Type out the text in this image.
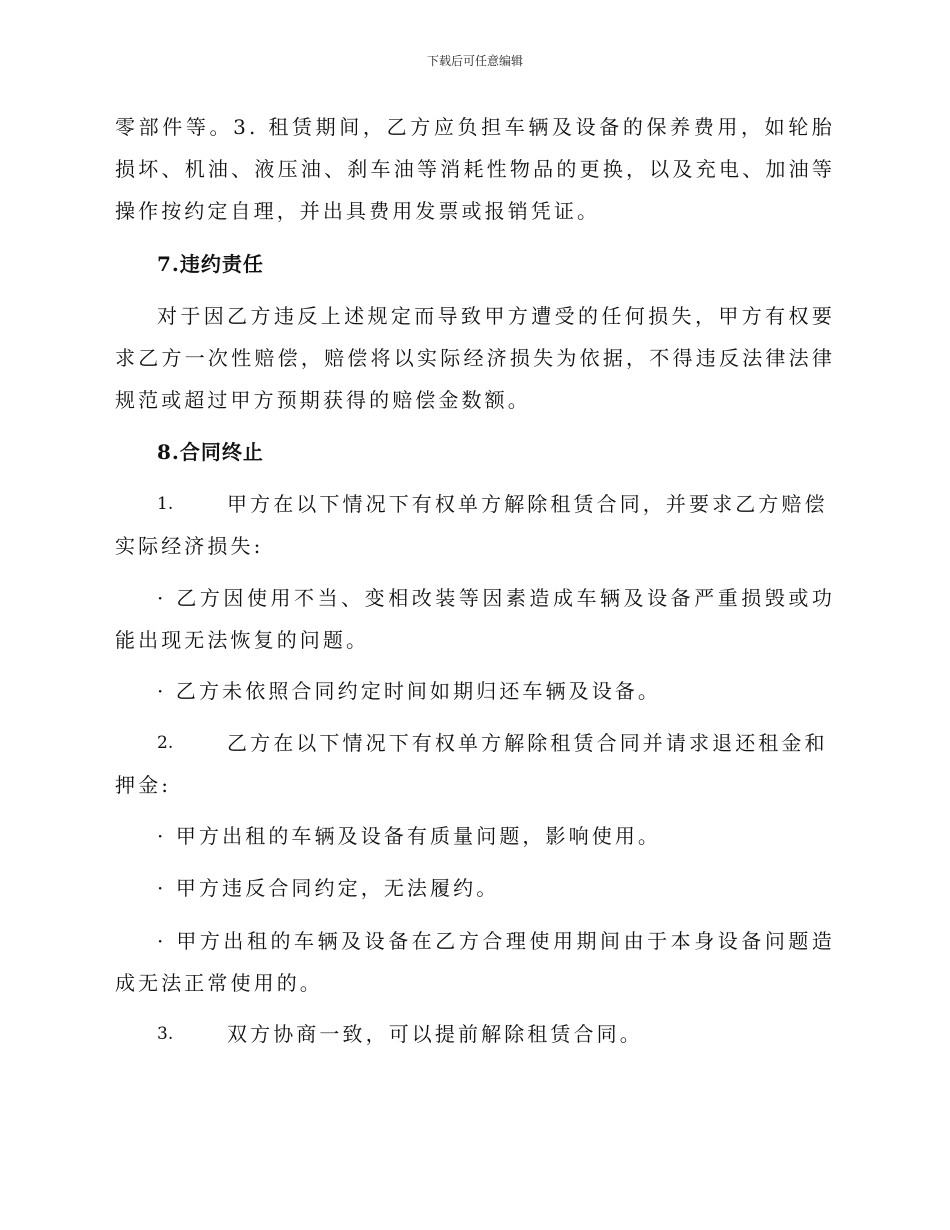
下载后可任意编辑

零部件等。3. 租赁期间，乙方应负担车辆及设备的保养费用，如轮胎损坏、机油、液压油、刹车油等消耗性物品的更换，以及充电、加油等操作按约定自理，并出具费用发票或报销凭证。

7.违约责任

对于因乙方违反上述规定而导致甲方遭受的任何损失，甲方有权要求乙方一次性赔偿，赔偿将以实际经济损失为依据，不得违反法律法律规范或超过甲方预期获得的赔偿金数额。

8.合同终止

1.	甲方在以下情况下有权单方解除租赁合同，并要求乙方赔偿实际经济损失:

· 乙方因使用不当、变相改装等因素造成车辆及设备严重损毁或功能出现无法恢复的问题。

· 乙方未依照合同约定时间如期归还车辆及设备。

2.	乙方在以下情况下有权单方解除租赁合同并请求退还租金和押金:

· 甲方出租的车辆及设备有质量问题，影响使用。

· 甲方违反合同约定，无法履约。

· 甲方出租的车辆及设备在乙方合理使用期间由于本身设备问题造成无法正常使用的。

3.	双方协商一致，可以提前解除租赁合同。
